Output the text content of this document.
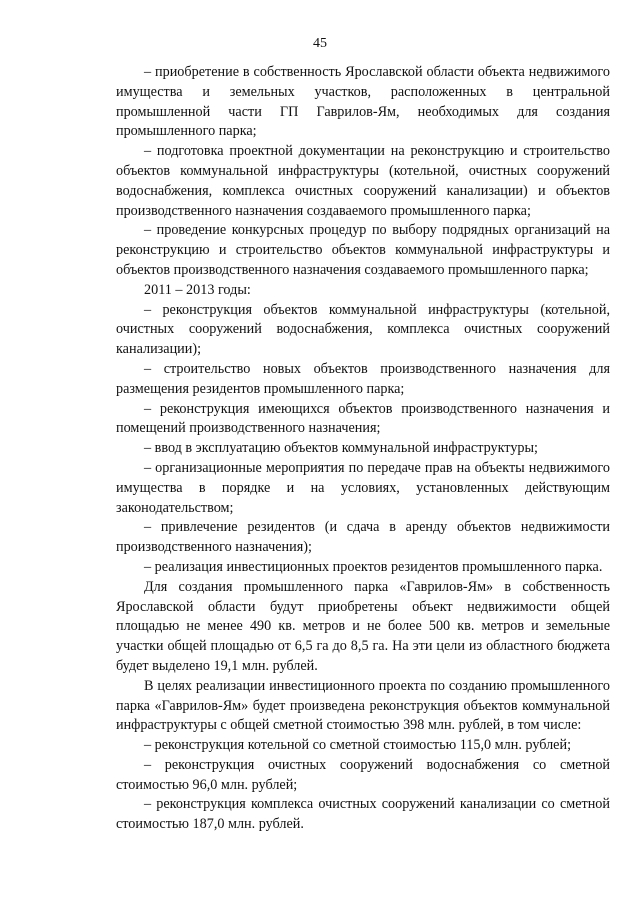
45

– приобретение в собственность Ярославской области объекта недвижимого имущества и земельных участков, расположенных в центральной промышленной части ГП Гаврилов-Ям, необходимых для создания промышленного парка;

– подготовка проектной документации на реконструкцию и строительство объектов коммунальной инфраструктуры (котельной, очистных сооружений водоснабжения, комплекса очистных сооружений канализации) и объектов производственного назначения создаваемого промышленного парка;

– проведение конкурсных процедур по выбору подрядных организаций на реконструкцию и строительство объектов коммунальной инфраструктуры и объектов производственного назначения создаваемого промышленного парка;

2011 – 2013 годы:

– реконструкция объектов коммунальной инфраструктуры (котельной, очистных сооружений водоснабжения, комплекса очистных сооружений канализации);

– строительство новых объектов производственного назначения для размещения резидентов промышленного парка;

– реконструкция имеющихся объектов производственного назначения и помещений производственного назначения;

– ввод в эксплуатацию объектов коммунальной инфраструктуры;

– организационные мероприятия по передаче прав на объекты недвижимого имущества в порядке и на условиях, установленных действующим законодательством;

– привлечение резидентов (и сдача в аренду объектов недвижимости производственного назначения);

– реализация инвестиционных проектов резидентов промышленного парка.

Для создания промышленного парка «Гаврилов-Ям» в собственность Ярославской области будут приобретены объект недвижимости общей площадью не менее 490 кв. метров и не более 500 кв. метров и земельные участки общей площадью от 6,5 га до 8,5 га. На эти цели из областного бюджета будет выделено 19,1 млн. рублей.

В целях реализации инвестиционного проекта по созданию промышленного парка «Гаврилов-Ям» будет произведена реконструкция объектов коммунальной инфраструктуры с общей сметной стоимостью 398 млн. рублей, в том числе:

– реконструкция котельной со сметной стоимостью 115,0 млн. рублей;

– реконструкция очистных сооружений водоснабжения со сметной стоимостью 96,0 млн. рублей;

– реконструкция комплекса очистных сооружений канализации со сметной стоимостью 187,0 млн. рублей.
